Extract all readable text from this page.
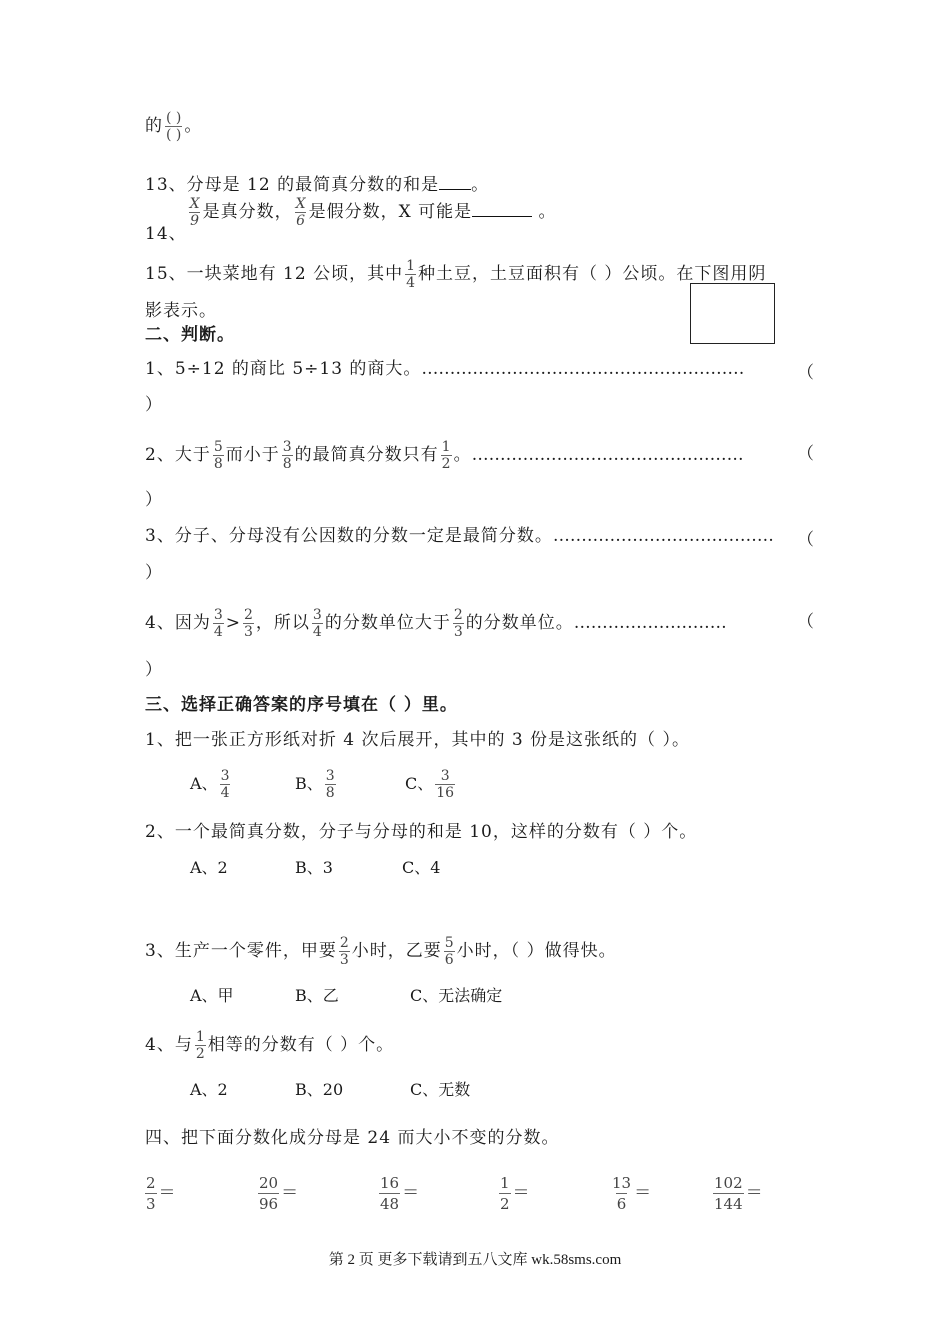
的 $\frac{( )}{( )}$ 。
13、分母是 12 的最简真分数的和是 。
14、
$\frac{X}{9}$ 是真分数， $\frac{X}{6}$ 是假分数，X 可能是	。
15、一块菜地有 12 公顷，其中 $\frac{1}{4}$ 种土豆，土豆面积有（ ）公顷。在下图用阴
影表示。
二、判断。
1、5÷12 的商比 5÷13 的商大。…………………………………………………	（
）
2、大于 $\frac{5}{8}$ 而小于 $\frac{3}{8}$ 的最简真分数只有 $\frac{1}{2}$ 。…………………………………………	（
）
3、分子、分母没有公因数的分数一定是最简分数。………………………………… （
）
4、因为 $\frac{3}{4} > \frac{2}{3}$ ，所以 $\frac{3}{4}$ 的分数单位大于 $\frac{2}{3}$ 的分数单位。………………………	（
）
三、选择正确答案的序号填在（ ）里。
1、把一张正方形纸对折 4 次后展开，其中的 3 份是这张纸的（ ）。
A、 $\frac{3}{4}$	B、 $\frac{3}{8}$	C、 $\frac{3}{16}$
2、一个最简真分数，分子与分母的和是 10，这样的分数有（ ）个。
A、2	B、3	C、4
3、生产一个零件，甲要 $\frac{2}{3}$ 小时，乙要 $\frac{5}{6}$ 小时，（ ）做得快。
A、甲	B、乙	C、无法确定
4、与 $\frac{1}{2}$ 相等的分数有（ ）个。
A、2	B、20	C、无数
四、把下面分数化成分母是 24 而大小不变的分数。
$\frac{2}{3}$ ＝	$\frac{20}{96}$ ＝	$\frac{16}{48}$ ＝	$\frac{1}{2}$ ＝	$\frac{13}{6}$ ＝	$\frac{102}{144}$ ＝
第 2 页 更多下载请到五八文库 wk.58sms.com
